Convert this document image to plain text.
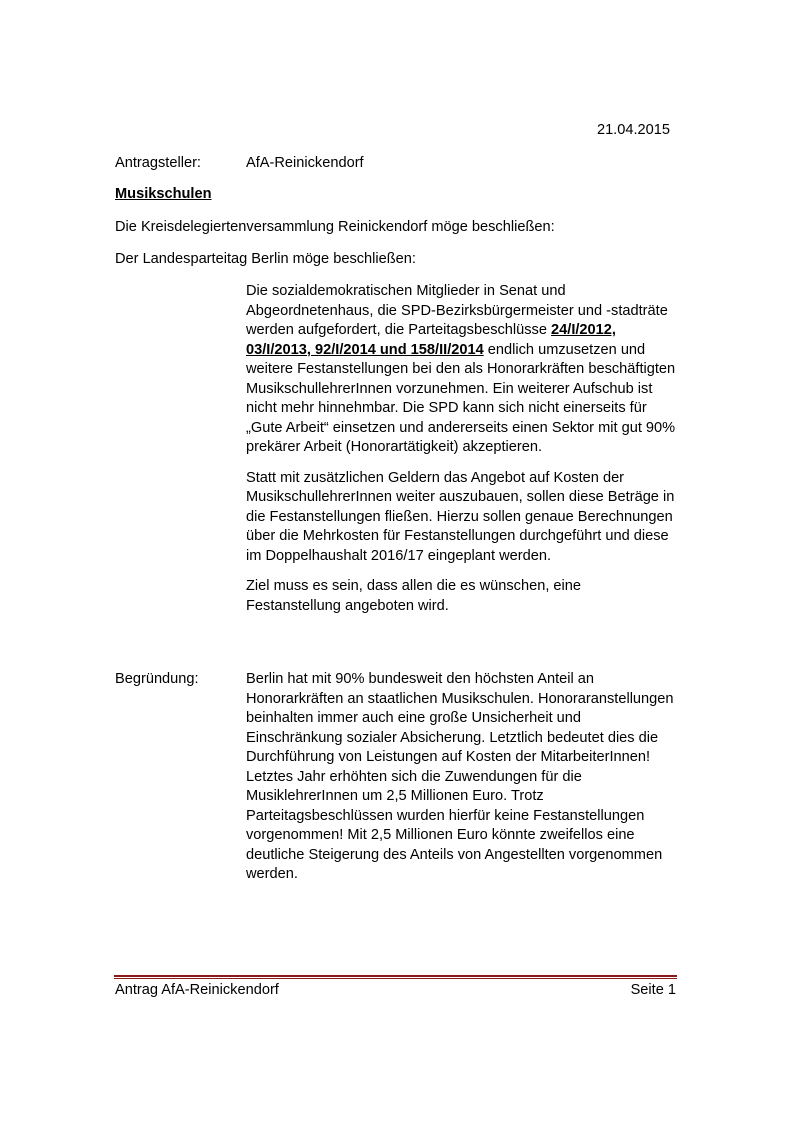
21.04.2015
Antragsteller:	AfA-Reinickendorf
Musikschulen
Die Kreisdelegiertenversammlung Reinickendorf möge beschließen:
Der Landesparteitag Berlin möge beschließen:

Die sozialdemokratischen Mitglieder in Senat und Abgeordnetenhaus, die SPD-Bezirksbürgermeister und -stadträte werden aufgefordert, die Parteitagsbeschlüsse 24/I/2012, 03/I/2013, 92/I/2014 und 158/II/2014 endlich umzusetzen und weitere Festanstellungen bei den als Honorarkräften beschäftigten MusikschullehrerInnen vorzunehmen. Ein weiterer Aufschub ist nicht mehr hinnehmbar. Die SPD kann sich nicht einerseits für „Gute Arbeit“ einsetzen und andererseits einen Sektor mit gut 90% prekärer Arbeit (Honorartätigkeit) akzeptieren.

Statt mit zusätzlichen Geldern das Angebot auf Kosten der MusikschullehrerInnen weiter auszubauen, sollen diese Beträge in die Festanstellungen fließen. Hierzu sollen genaue Berechnungen über die Mehrkosten für Festanstellungen durchgeführt und diese im Doppelhaushalt 2016/17 eingeplant werden.

Ziel muss es sein, dass allen die es wünschen, eine Festanstellung angeboten wird.

Begründung:	Berlin hat mit 90% bundesweit den höchsten Anteil an Honorarkräften an staatlichen Musikschulen. Honoraranstellungen beinhalten immer auch eine große Unsicherheit und Einschränkung sozialer Absicherung. Letztlich bedeutet dies die Durchführung von Leistungen auf Kosten der MitarbeiterInnen! Letztes Jahr erhöhten sich die Zuwendungen für die MusiklehrerInnen um 2,5 Millionen Euro. Trotz Parteitagsbeschlüssen wurden hierfür keine Festanstellungen vorgenommen! Mit 2,5 Millionen Euro könnte zweifellos eine deutliche Steigerung des Anteils von Angestellten vorgenommen werden.
Antrag AfA-Reinickendorf	Seite 1
